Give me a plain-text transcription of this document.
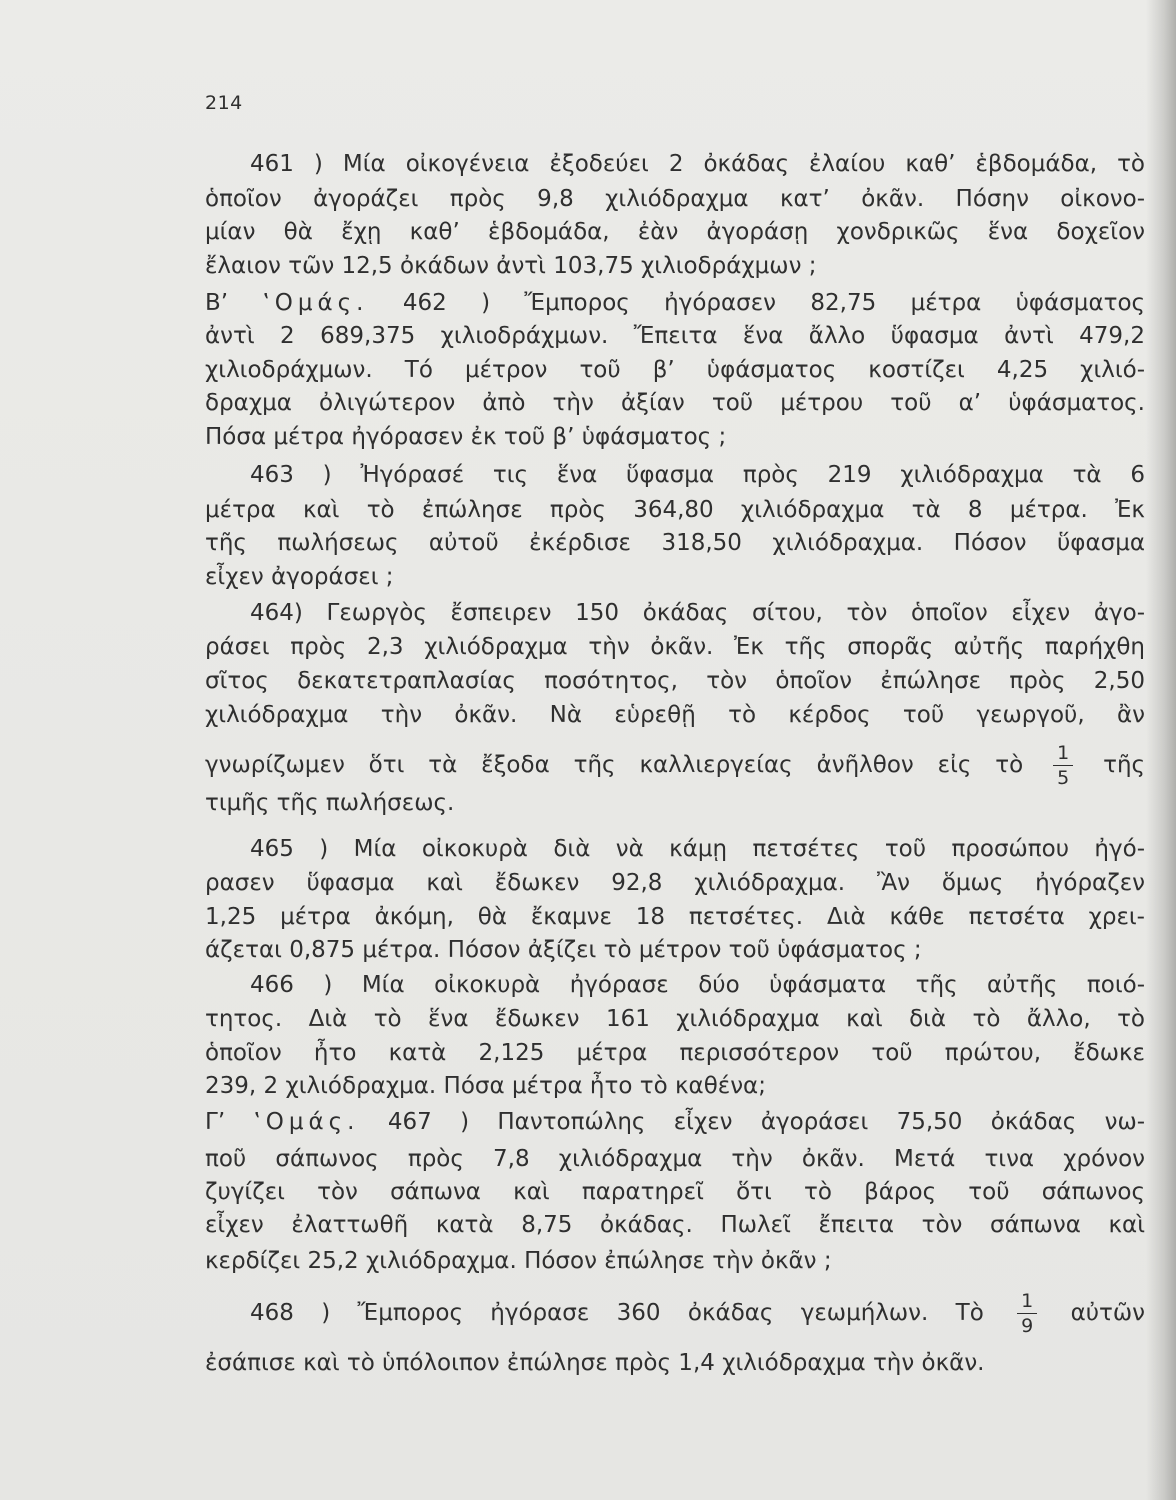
214
461 ) Μία οἰκογένεια ἐξοδεύει 2 ὀκάδας ἐλαίου καθ’ ἑβδομάδα, τὸ
ὁποῖον ἀγοράζει πρὸς 9,8 χιλιόδραχμα κατ’ ὀκᾶν. Πόσην οἰκονο-
μίαν θὰ ἔχῃ καθ’ ἑβδομάδα, ἐὰν ἀγοράσῃ χονδρικῶς ἕνα δοχεῖον
ἔλαιον τῶν 12,5 ὀκάδων ἀντὶ 103,75 χιλιοδράχμων ;
Β’ ‛Ομάς. 462 ) Ἔμπορος ἠγόρασεν 82,75 μέτρα ὑφάσματος
ἀντὶ 2 689,375 χιλιοδράχμων. Ἔπειτα ἕνα ἄλλο ὕφασμα ἀντὶ 479,2
χιλιοδράχμων. Τό μέτρον τοῦ β’ ὑφάσματος κοστίζει 4,25 χιλιό-
δραχμα ὀλιγώτερον ἀπὸ τὴν ἀξίαν τοῦ μέτρου τοῦ α’ ὑφάσματος.
Πόσα μέτρα ἠγόρασεν ἐκ τοῦ β’ ὑφάσματος ;
463 ) Ἠγόρασέ τις ἕνα ὕφασμα πρὸς 219 χιλιόδραχμα τὰ 6
μέτρα καὶ τὸ ἐπώλησε πρὸς 364,80 χιλιόδραχμα τὰ 8 μέτρα. Ἐκ
τῆς πωλήσεως αὐτοῦ ἐκέρδισε 318,50 χιλιόδραχμα. Πόσον ὕφασμα
εἶχεν ἀγοράσει ;
464) Γεωργὸς ἔσπειρεν 150 ὀκάδας σίτου, τὸν ὁποῖον εἶχεν ἀγο-
ράσει πρὸς 2,3 χιλιόδραχμα τὴν ὀκᾶν. Ἐκ τῆς σπορᾶς αὐτῆς παρήχθη
σῖτος δεκατετραπλασίας ποσότητος, τὸν ὁποῖον ἐπώλησε πρὸς 2,50
χιλιόδραχμα τὴν ὀκᾶν. Νὰ εὑρεθῇ τὸ κέρδος τοῦ γεωργοῦ, ἂν
γνωρίζωμεν ὅτι τὰ ἔξοδα τῆς καλλιεργείας ἀνῆλθον εἰς τὸ $\frac{1}{5}$ τῆς
τιμῆς τῆς πωλήσεως.
465 ) Μία οἰκοκυρὰ διὰ νὰ κάμῃ πετσέτες τοῦ προσώπου ἠγό-
ρασεν ὕφασμα καὶ ἔδωκεν 92,8 χιλιόδραχμα. Ἂν ὅμως ἠγόραζεν
1,25 μέτρα ἀκόμη, θὰ ἔκαμνε 18 πετσέτες. Διὰ κάθε πετσέτα χρει-
άζεται 0,875 μέτρα. Πόσον ἀξίζει τὸ μέτρον τοῦ ὑφάσματος ;
466 ) Μία οἰκοκυρὰ ἠγόρασε δύο ὑφάσματα τῆς αὐτῆς ποιό-
τητος. Διὰ τὸ ἕνα ἔδωκεν 161 χιλιόδραχμα καὶ διὰ τὸ ἄλλο, τὸ
ὁποῖον ἦτο κατὰ 2,125 μέτρα περισσότερον τοῦ πρώτου, ἔδωκε
239, 2 χιλιόδραχμα. Πόσα μέτρα ἦτο τὸ καθένα;
Γ’ ‛Ομάς. 467 ) Παντοπώλης εἶχεν ἀγοράσει 75,50 ὀκάδας νω-
ποῦ σάπωνος πρὸς 7,8 χιλιόδραχμα τὴν ὀκᾶν. Μετά τινα χρόνον
ζυγίζει τὸν σάπωνα καὶ παρατηρεῖ ὅτι τὸ βάρος τοῦ σάπωνος
εἶχεν ἐλαττωθῆ κατὰ 8,75 ὀκάδας. Πωλεῖ ἔπειτα τὸν σάπωνα καὶ
κερδίζει 25,2 χιλιόδραχμα. Πόσον ἐπώλησε τὴν ὀκᾶν ;
468 ) Ἔμπορος ἠγόρασε 360 ὀκάδας γεωμήλων. Τὸ $\frac{1}{9}$ αὐτῶν
ἐσάπισε καὶ τὸ ὑπόλοιπον ἐπώλησε πρὸς 1,4 χιλιόδραχμα τὴν ὀκᾶν.
